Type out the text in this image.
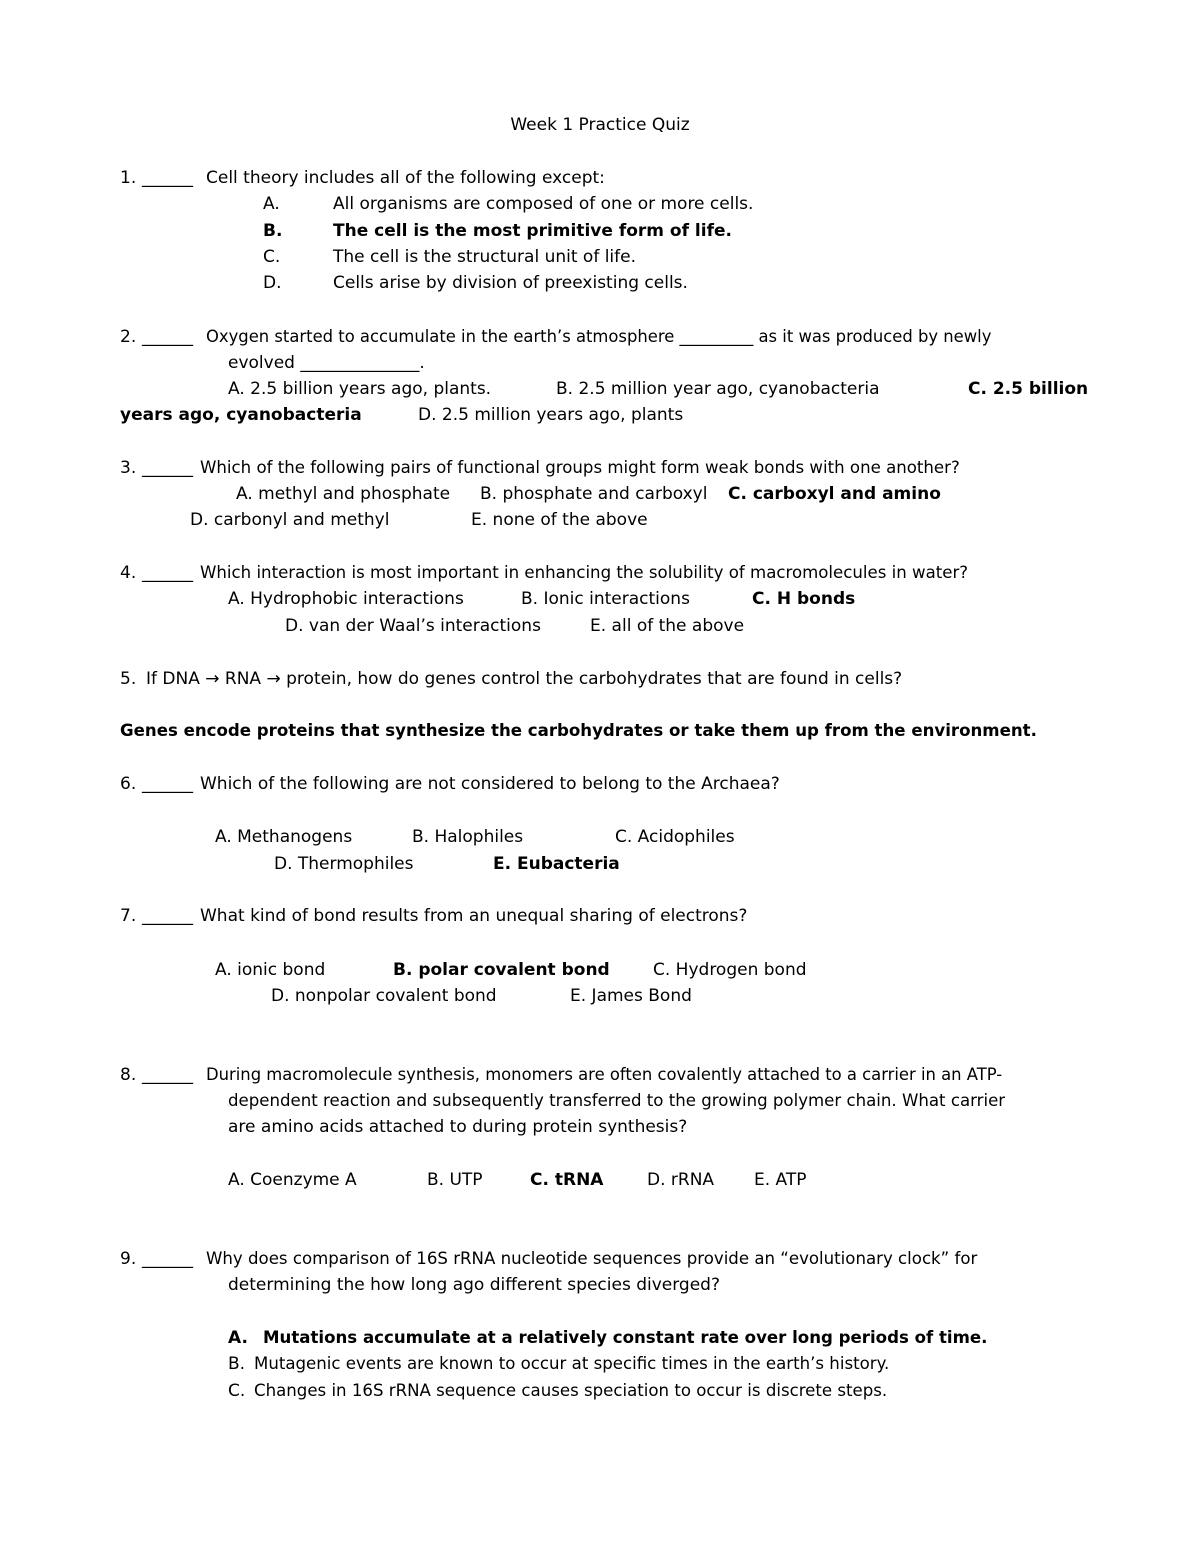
Week 1 Practice Quiz
1. ______ Cell theory includes all of the following except:
A.	All organisms are composed of one or more cells.
B.	The cell is the most primitive form of life.
C.	The cell is the structural unit of life.
D.	Cells arise by division of preexisting cells.
2. ______ Oxygen started to accumulate in the earth’s atmosphere _________ as it was produced by newly
evolved ______________.
A. 2.5 billion years ago, plants.	B. 2.5 million year ago, cyanobacteria	C. 2.5 billion
years ago, cyanobacteria	D. 2.5 million years ago, plants
3. ______ Which of the following pairs of functional groups might form weak bonds with one another?
A. methyl and phosphate B. phosphate and carboxyl C. carboxyl and amino
D. carbonyl and methyl	E. none of the above
4. ______ Which interaction is most important in enhancing the solubility of macromolecules in water?
A. Hydrophobic interactions	B. Ionic interactions	C. H bonds
D. van der Waal’s interactions	E. all of the above
5. If DNA → RNA → protein, how do genes control the carbohydrates that are found in cells?
Genes encode proteins that synthesize the carbohydrates or take them up from the environment.
6. ______ Which of the following are not considered to belong to the Archaea?
A. Methanogens	B. Halophiles	C. Acidophiles
D. Thermophiles	E. Eubacteria
7. ______ What kind of bond results from an unequal sharing of electrons?
A. ionic bond	B. polar covalent bond	C. Hydrogen bond
D. nonpolar covalent bond	E. James Bond
8. ______ During macromolecule synthesis, monomers are often covalently attached to a carrier in an ATP-
dependent reaction and subsequently transferred to the growing polymer chain. What carrier
are amino acids attached to during protein synthesis?
A. Coenzyme A	B. UTP	C. tRNA	D. rRNA E. ATP
9. ______ Why does comparison of 16S rRNA nucleotide sequences provide an “evolutionary clock” for
determining the how long ago different species diverged?
A. Mutations accumulate at a relatively constant rate over long periods of time.
B. Mutagenic events are known to occur at specific times in the earth’s history.
C. Changes in 16S rRNA sequence causes speciation to occur is discrete steps.
